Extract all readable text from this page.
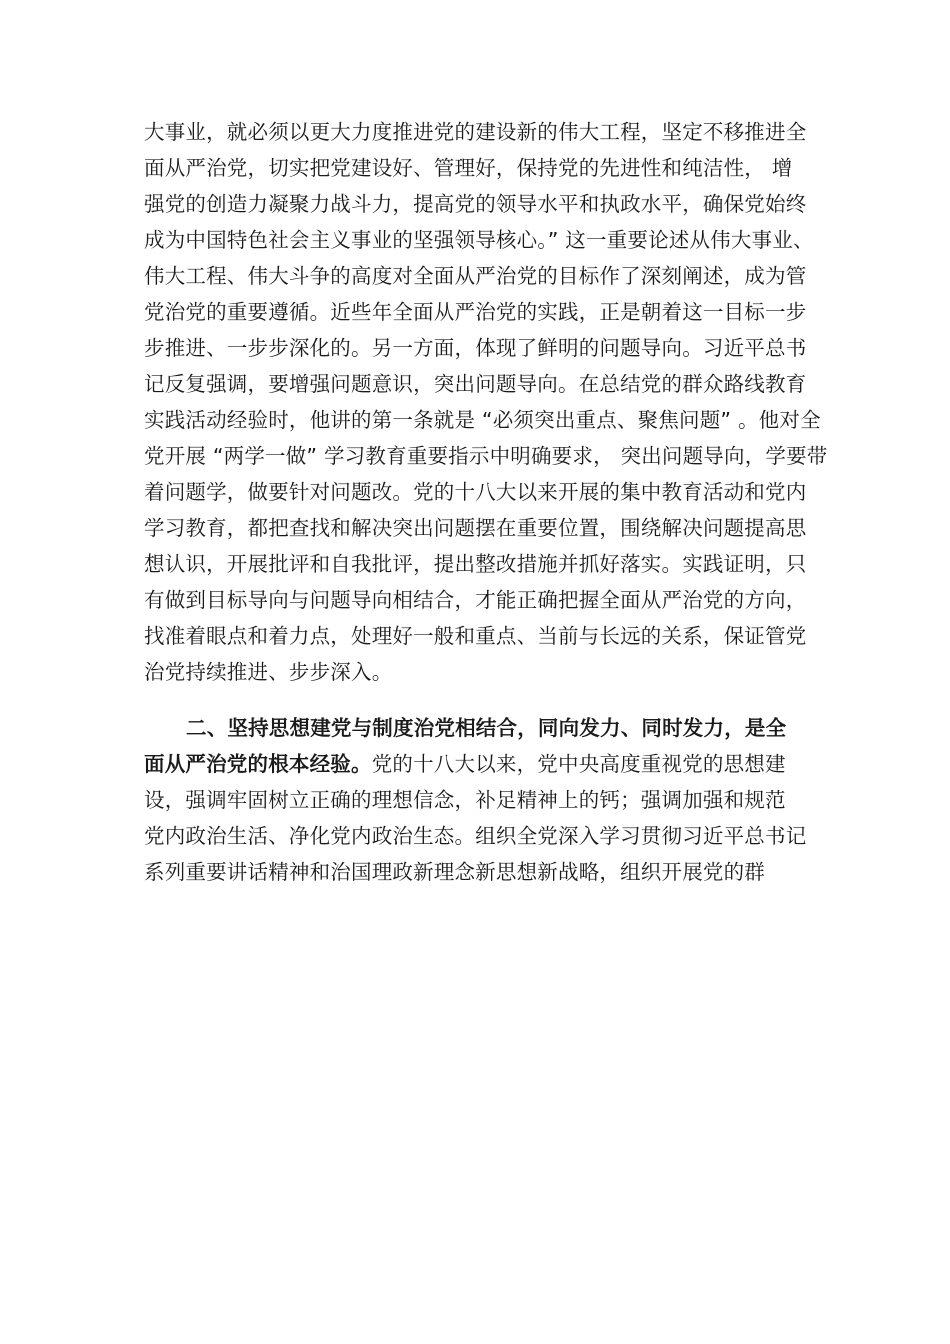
大事业，就必须以更大力度推进党的建设新的伟大工程，坚定不移推进全
面从严治党，切实把党建设好、管理好，保持党的先进性和纯洁性， 增
强党的创造力凝聚力战斗力，提高党的领导水平和执政水平，确保党始终
成为中国特色社会主义事业的坚强领导核心。” 这一重要论述从伟大事业、
伟大工程、伟大斗争的高度对全面从严治党的目标作了深刻阐述，成为管
党治党的重要遵循。近些年全面从严治党的实践，正是朝着这一目标一步
步推进、一步步深化的。另一方面，体现了鲜明的问题导向。习近平总书
记反复强调，要增强问题意识，突出问题导向。在总结党的群众路线教育
实践活动经验时，他讲的第一条就是 “必须突出重点、聚焦问题” 。他对全
党开展 “两学一做” 学习教育重要指示中明确要求， 突出问题导向，学要带
着问题学，做要针对问题改。党的十八大以来开展的集中教育活动和党内
学习教育，都把查找和解决突出问题摆在重要位置，围绕解决问题提高思
想认识，开展批评和自我批评，提出整改措施并抓好落实。实践证明，只
有做到目标导向与问题导向相结合，才能正确把握全面从严治党的方向，
找准着眼点和着力点，处理好一般和重点、当前与长远的关系，保证管党
治党持续推进、步步深入。
二、坚持思想建党与制度治党相结合，同向发力、同时发力，是全
面从严治党的根本经验。党的十八大以来，党中央高度重视党的思想建
设，强调牢固树立正确的理想信念，补足精神上的钙；强调加强和规范
党内政治生活、净化党内政治生态。组织全党深入学习贯彻习近平总书记
系列重要讲话精神和治国理政新理念新思想新战略，组织开展党的群
